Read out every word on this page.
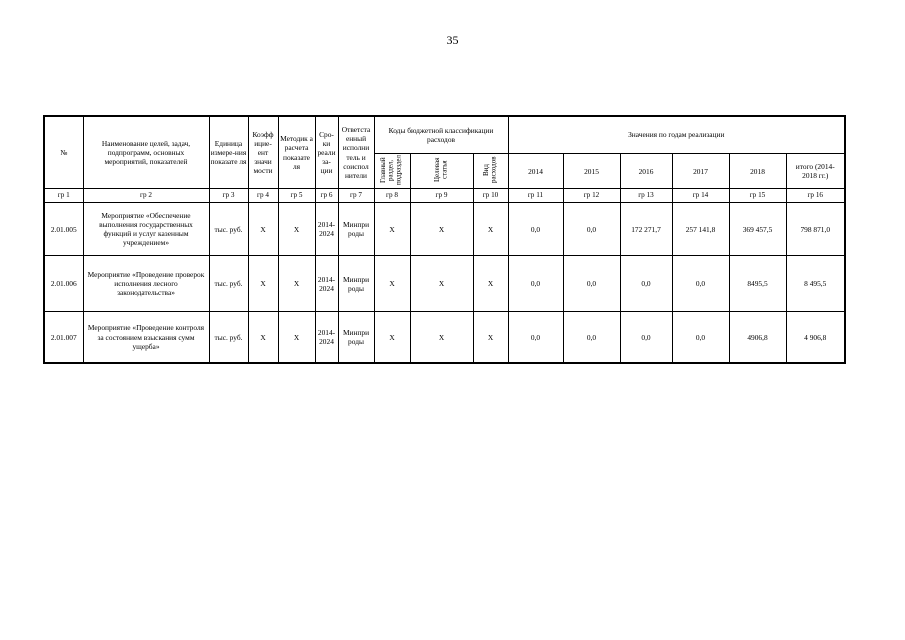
35
№	Наименование целей, задач, подпрограмм, основных мероприятий, показателей	Единица измере-ния показате ля	Коэфф ицие-ент значи мости	Методик а расчета показате ля	Сро-ки реали за-ции	Ответста енный исполни тель и соиспол нители	Коды бюджетной классификации расходов			Значения по годам реализации					
							Главный раздел, подраздел	Целевая статья	Вид расходов	2014	2015	2016	2017	2018	итого (2014-2018 гг.)
гр 1	гр 2	гр 3	гр 4	гр 5	гр 6	гр 7	гр 8	гр 9	гр 10	гр 11	гр 12	гр 13	гр 14	гр 15	гр 16
2.01.005	Мероприятие «Обеспечение выполнения государственных функций и услуг казенным учреждением»	тыс. руб.	Х	Х	2014-2024	Минпри роды	Х	Х	Х	0,0	0,0	172 271,7	257 141,8	369 457,5	798 871,0
2.01.006	Мероприятие «Проведение проверок исполнения лесного законодательства»	тыс. руб.	Х	Х	2014-2024	Минпри роды	Х	Х	Х	0,0	0,0	0,0	0,0	8495,5	8 495,5
2.01.007	Мероприятие «Проведение контроля за состоянием взыскания сумм ущерба»	тыс. руб.	Х	Х	2014-2024	Минпри роды	Х	Х	Х	0,0	0,0	0,0	0,0	4906,8	4 906,8
